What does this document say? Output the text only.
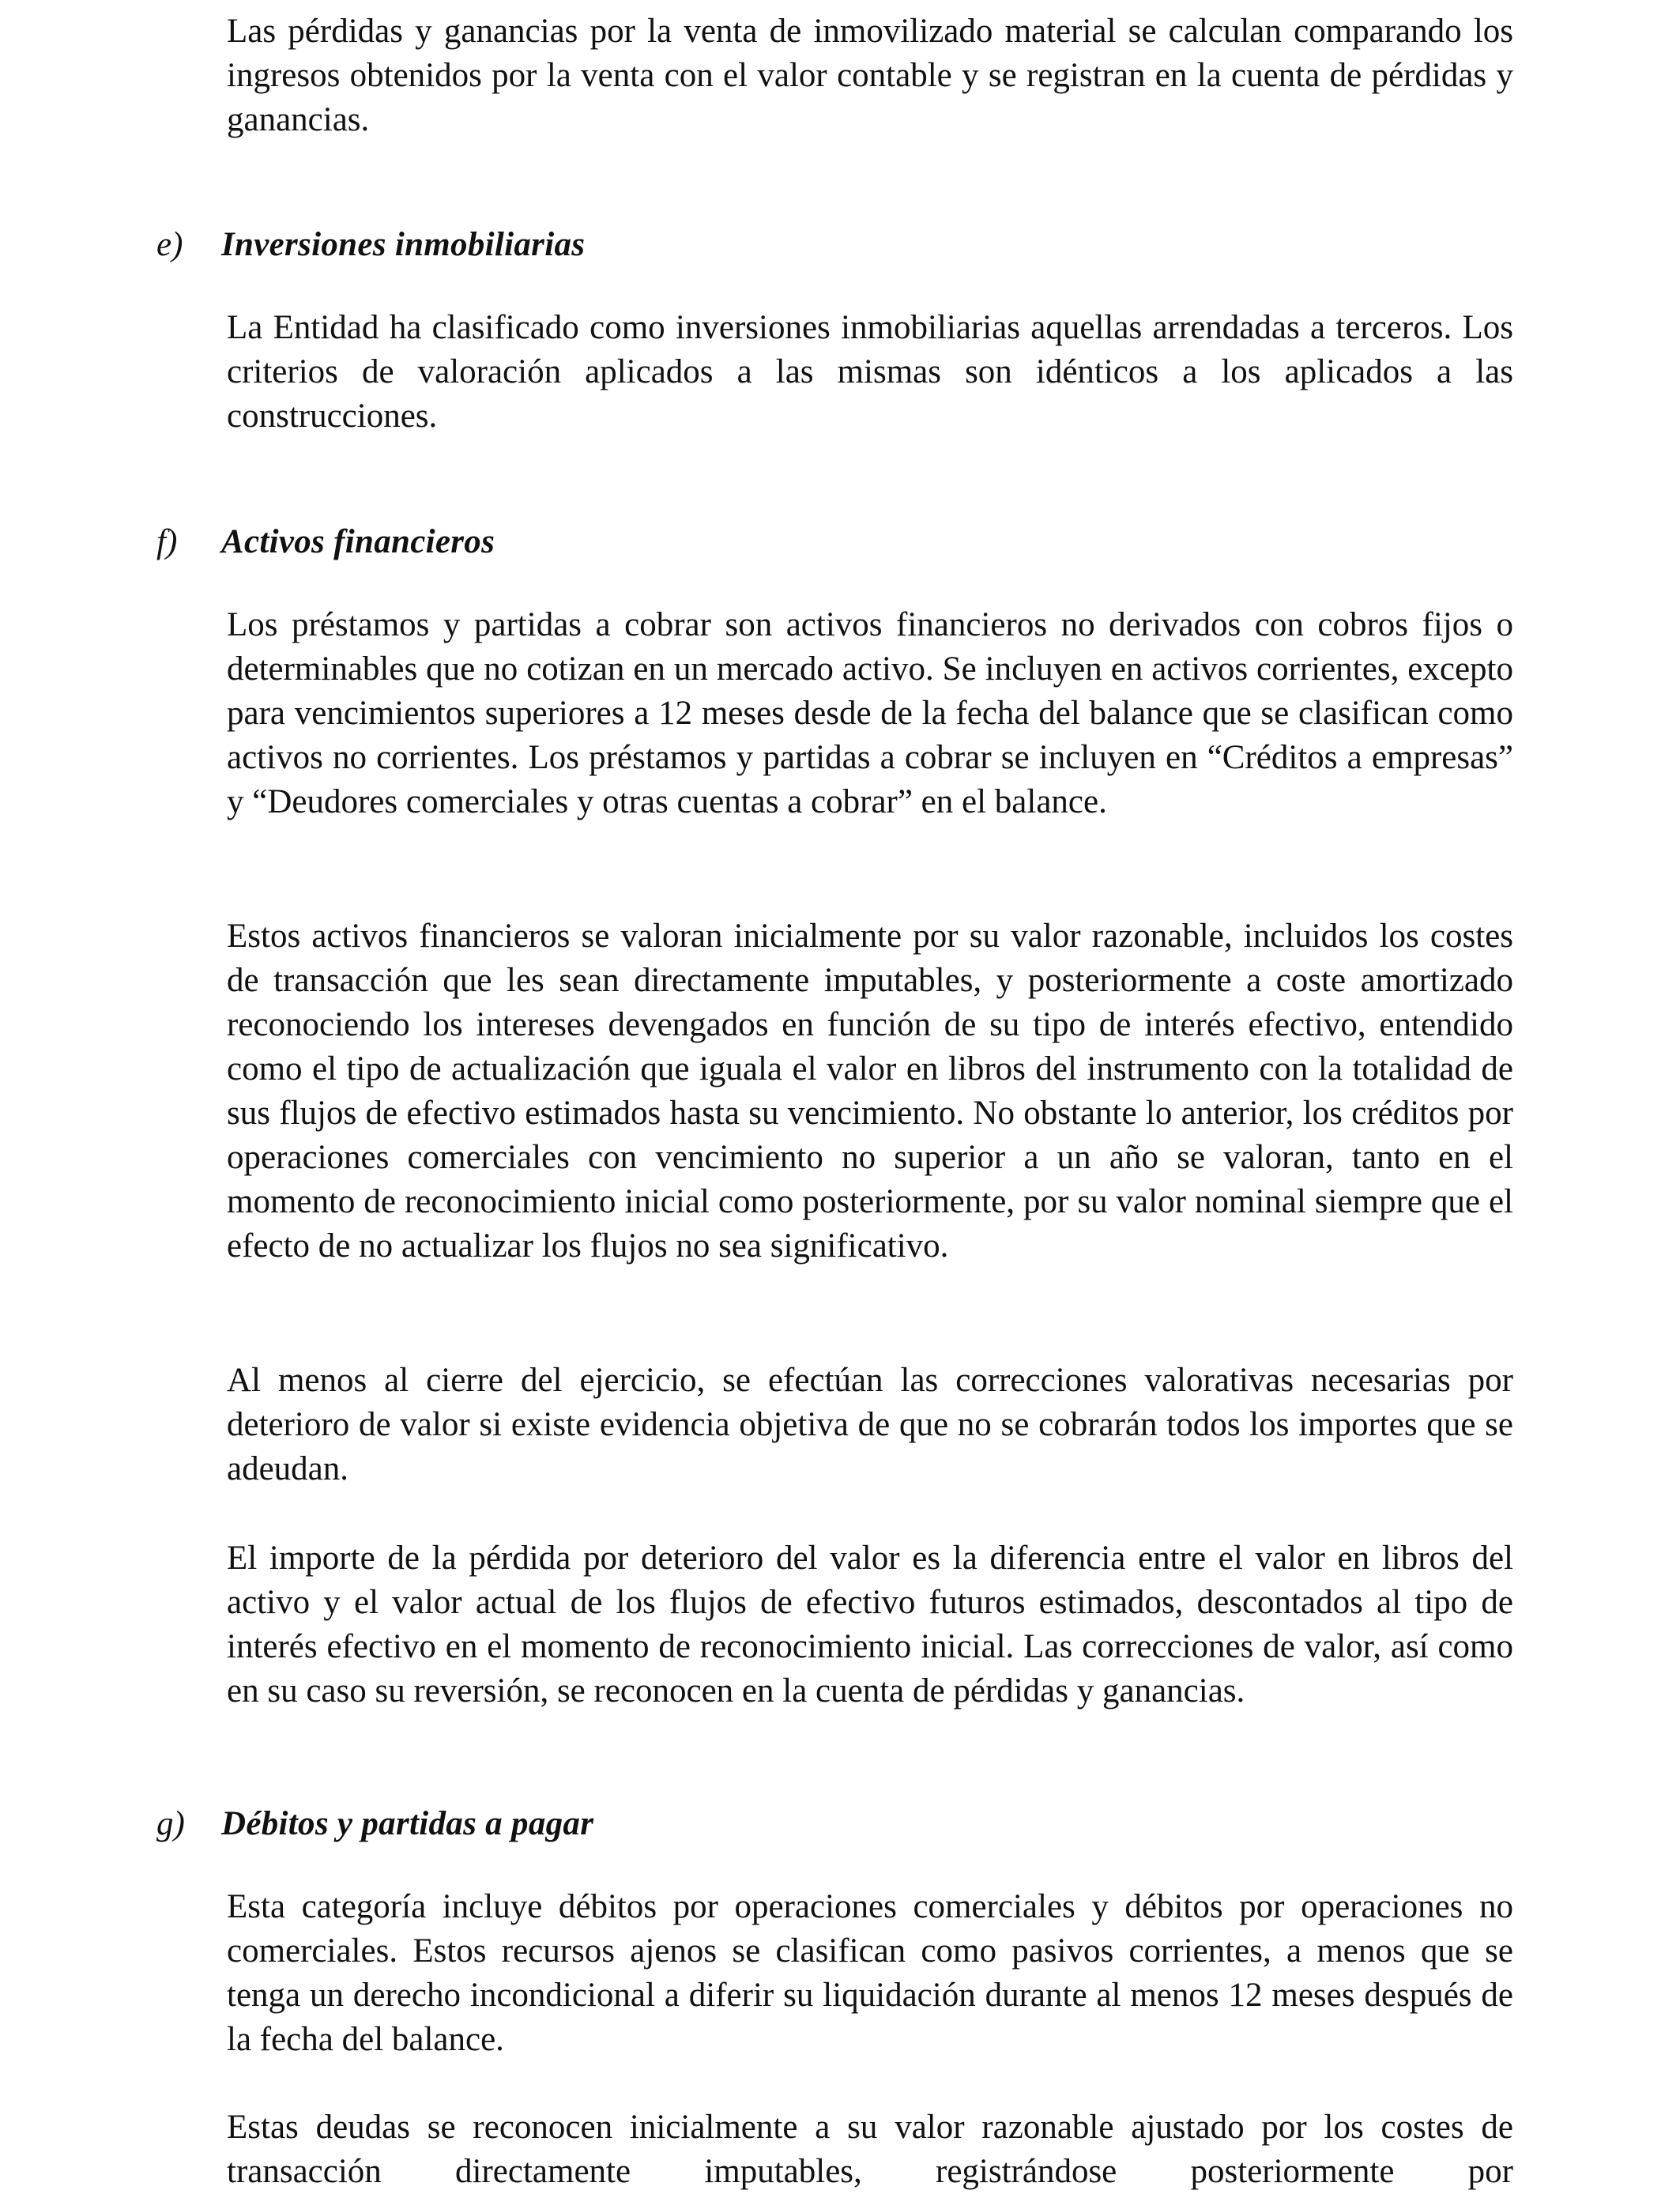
Las pérdidas y ganancias por la venta de inmovilizado material se calculan comparando los ingresos obtenidos por la venta con el valor contable y se registran en la cuenta de pérdidas y ganancias.

e) Inversiones inmobiliarias

La Entidad ha clasificado como inversiones inmobiliarias aquellas arrendadas a terceros. Los criterios de valoración aplicados a las mismas son idénticos a los aplicados a las construcciones.

f) Activos financieros

Los préstamos y partidas a cobrar son activos financieros no derivados con cobros fijos o determinables que no cotizan en un mercado activo. Se incluyen en activos corrientes, excepto para vencimientos superiores a 12 meses desde de la fecha del balance que se clasifican como activos no corrientes. Los préstamos y partidas a cobrar se incluyen en “Créditos a empresas” y “Deudores comerciales y otras cuentas a cobrar” en el balance.

Estos activos financieros se valoran inicialmente por su valor razonable, incluidos los costes de transacción que les sean directamente imputables, y posteriormente a coste amortizado reconociendo los intereses devengados en función de su tipo de interés efectivo, entendido como el tipo de actualización que iguala el valor en libros del instrumento con la totalidad de sus flujos de efectivo estimados hasta su vencimiento. No obstante lo anterior, los créditos por operaciones comerciales con vencimiento no superior a un año se valoran, tanto en el momento de reconocimiento inicial como posteriormente, por su valor nominal siempre que el efecto de no actualizar los flujos no sea significativo.

Al menos al cierre del ejercicio, se efectúan las correcciones valorativas necesarias por deterioro de valor si existe evidencia objetiva de que no se cobrarán todos los importes que se adeudan.

El importe de la pérdida por deterioro del valor es la diferencia entre el valor en libros del activo y el valor actual de los flujos de efectivo futuros estimados, descontados al tipo de interés efectivo en el momento de reconocimiento inicial. Las correcciones de valor, así como en su caso su reversión, se reconocen en la cuenta de pérdidas y ganancias.

g) Débitos y partidas a pagar

Esta categoría incluye débitos por operaciones comerciales y débitos por operaciones no comerciales. Estos recursos ajenos se clasifican como pasivos corrientes, a menos que se tenga un derecho incondicional a diferir su liquidación durante al menos 12 meses después de la fecha del balance.

Estas deudas se reconocen inicialmente a su valor razonable ajustado por los costes de transacción directamente imputables, registrándose posteriormente por
